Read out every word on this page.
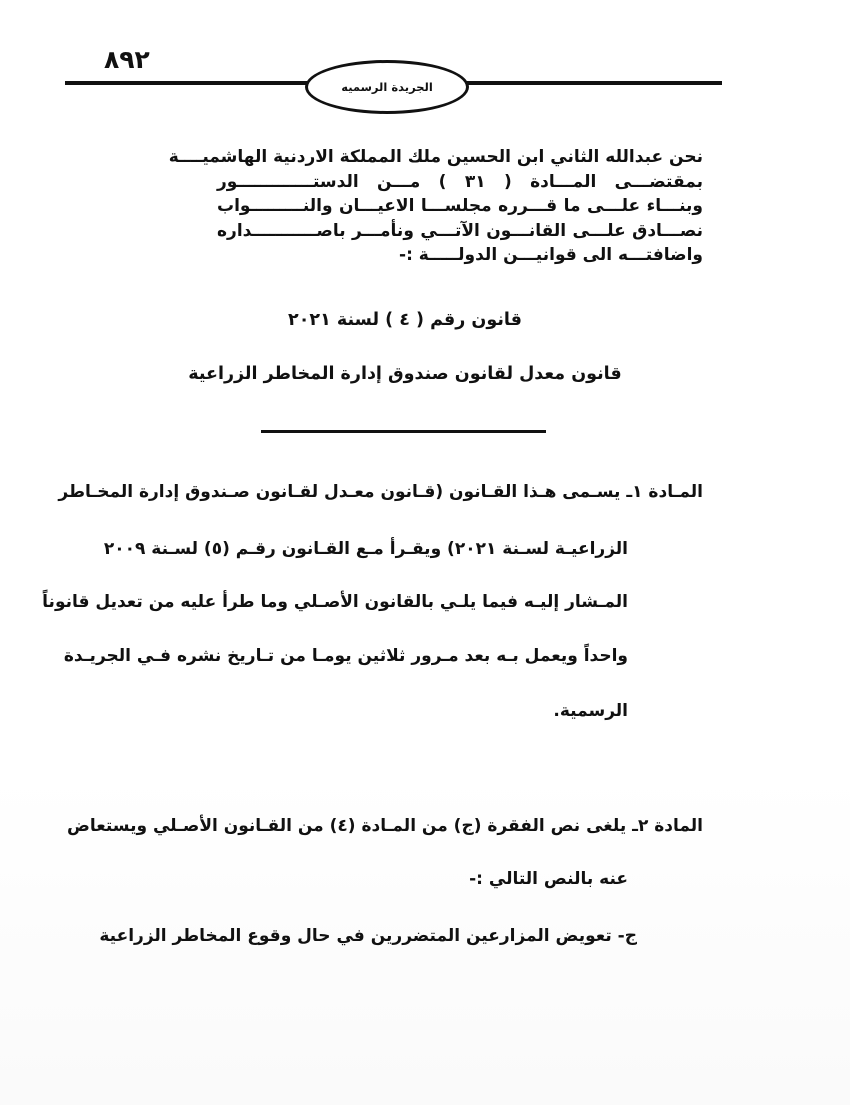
٨٩٢
الجريدة الرسميه
نحن عبدالله الثاني ابن الحسين ملك المملكة الاردنية الهاشميــــة
بمقتضـــى المـــادة ( ٣١ ) مـــن الدستـــــــــــــور
وبنـــاء علـــى ما قـــرره مجلســـا الاعيـــان والنـــــــــواب
نصـــادق علـــى القانـــون الآتـــي ونأمـــر باصـــــــــــداره
واضافتـــه الى قوانيـــن الدولـــــة :-
قانون رقم ( ٤ ) لسنة ٢٠٢١
قانون معدل لقانون صندوق إدارة المخاطر الزراعية
المـادة ١ـ يسـمى هـذا القـانون (قـانون معـدل لقـانون صـندوق إدارة المخـاطر
الزراعيـة لسـنة ٢٠٢١) ويقـرأ مـع القـانون رقـم (٥) لسـنة ٢٠٠٩
المـشار إليـه فيما يلـي بالقانون الأصـلي وما طرأ عليه من تعديل قانوناً
واحداً ويعمل بـه بعد مـرور ثلاثين يومـا من تـاريخ نشره فـي الجريـدة
الرسمية.
المادة ٢ـ يلغى نص الفقرة (ج) من المـادة (٤) من القـانون الأصـلي ويستعاض
عنه بالنص التالي :-
ج- تعويض المزارعين المتضررين في حال وقوع المخاطر الزراعية
